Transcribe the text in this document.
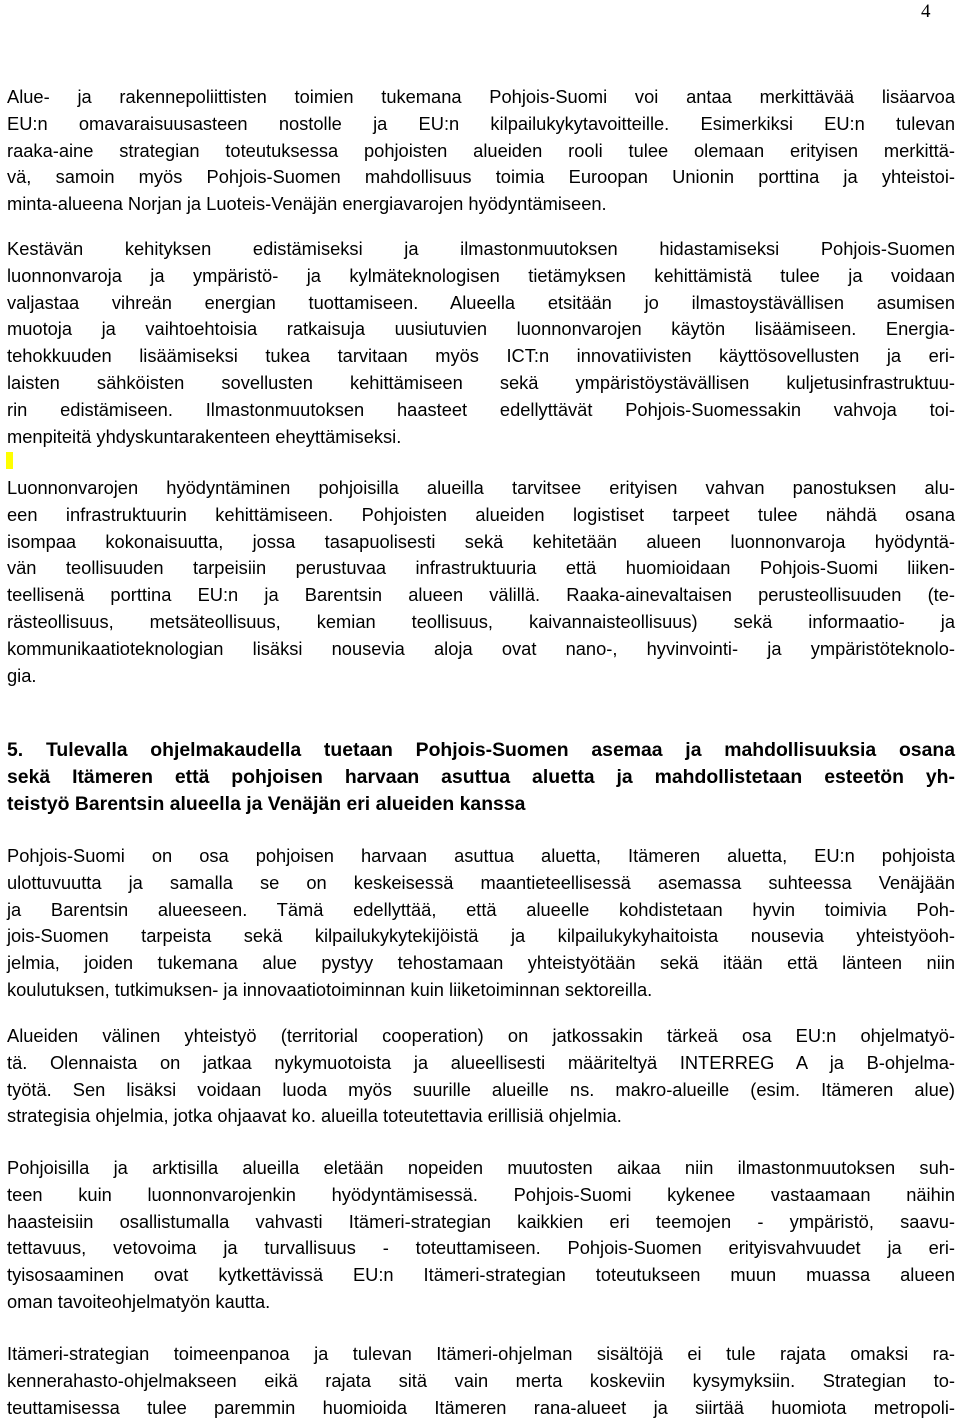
4
Alue- ja rakennepoliittisten toimien tukemana Pohjois-Suomi voi antaa merkittävää lisäarvoa
EU:n omavaraisuusasteen nostolle ja EU:n kilpailukykytavoitteille. Esimerkiksi EU:n tulevan
raaka-aine strategian toteutuksessa pohjoisten alueiden rooli tulee olemaan erityisen merkittä-
vä, samoin myös Pohjois-Suomen mahdollisuus toimia Euroopan Unionin porttina ja yhteistoi-
minta-alueena Norjan ja Luoteis-Venäjän energiavarojen hyödyntämiseen.
Kestävän kehityksen edistämiseksi ja ilmastonmuutoksen hidastamiseksi Pohjois-Suomen
luonnonvaroja ja ympäristö- ja kylmäteknologisen tietämyksen kehittämistä tulee ja voidaan
valjastaa vihreän energian tuottamiseen. Alueella etsitään jo ilmastoystävällisen asumisen
muotoja ja vaihtoehtoisia ratkaisuja uusiutuvien luonnonvarojen käytön lisäämiseen. Energia-
tehokkuuden lisäämiseksi tukea tarvitaan myös ICT:n innovatiivisten käyttösovellusten ja eri-
laisten sähköisten sovellusten kehittämiseen sekä ympäristöystävällisen kuljetusinfrastruktuu-
rin edistämiseen. Ilmastonmuutoksen haasteet edellyttävät Pohjois-Suomessakin vahvoja toi-
menpiteitä yhdyskuntarakenteen eheyttämiseksi.
Luonnonvarojen hyödyntäminen pohjoisilla alueilla tarvitsee erityisen vahvan panostuksen alu-
een infrastruktuurin kehittämiseen. Pohjoisten alueiden logistiset tarpeet tulee nähdä osana
isompaa kokonaisuutta, jossa tasapuolisesti sekä kehitetään alueen luonnonvaroja hyödyntä-
vän teollisuuden tarpeisiin perustuvaa infrastruktuuria että huomioidaan Pohjois-Suomi liiken-
teellisenä porttina EU:n ja Barentsin alueen välillä. Raaka-ainevaltaisen perusteollisuuden (te-
rästeollisuus, metsäteollisuus, kemian teollisuus, kaivannaisteollisuus) sekä informaatio- ja
kommunikaatioteknologian lisäksi nousevia aloja ovat nano-, hyvinvointi- ja ympäristöteknolo-
gia.
5. Tulevalla ohjelmakaudella tuetaan Pohjois-Suomen asemaa ja mahdollisuuksia osana
sekä Itämeren että pohjoisen harvaan asuttua aluetta ja mahdollistetaan esteetön yh-
teistyö Barentsin alueella ja Venäjän eri alueiden kanssa
Pohjois-Suomi on osa pohjoisen harvaan asuttua aluetta, Itämeren aluetta, EU:n pohjoista
ulottuvuutta ja samalla se on keskeisessä maantieteellisessä asemassa suhteessa Venäjään
ja Barentsin alueeseen. Tämä edellyttää, että alueelle kohdistetaan hyvin toimivia Poh-
jois-Suomen tarpeista sekä kilpailukykytekijöistä ja kilpailukykyhaitoista nousevia yhteistyöoh-
jelmia, joiden tukemana alue pystyy tehostamaan yhteistyötään sekä itään että länteen niin
koulutuksen, tutkimuksen- ja innovaatiotoiminnan kuin liiketoiminnan sektoreilla.
Alueiden välinen yhteistyö (territorial cooperation) on jatkossakin tärkeä osa EU:n ohjelmatyö-
tä. Olennaista on jatkaa nykymuotoista ja alueellisesti määriteltyä INTERREG A ja B-ohjelma-
työtä. Sen lisäksi voidaan luoda myös suurille alueille ns. makro-alueille (esim. Itämeren alue)
strategisia ohjelmia, jotka ohjaavat ko. alueilla toteutettavia erillisiä ohjelmia.
Pohjoisilla ja arktisilla alueilla eletään nopeiden muutosten aikaa niin ilmastonmuutoksen suh-
teen kuin luonnonvarojenkin hyödyntämisessä. Pohjois-Suomi kykenee vastaamaan näihin
haasteisiin osallistumalla vahvasti Itämeri-strategian kaikkien eri teemojen - ympäristö, saavu-
tettavuus, vetovoima ja turvallisuus - toteuttamiseen. Pohjois-Suomen erityisvahvuudet ja eri-
tyisosaaminen ovat kytkettävissä EU:n Itämeri-strategian toteutukseen muun muassa alueen
oman tavoiteohjelmatyön kautta.
Itämeri-strategian toimeenpanoa ja tulevan Itämeri-ohjelman sisältöjä ei tule rajata omaksi ra-
kennerahasto-ohjelmakseen eikä rajata sitä vain merta koskeviin kysymyksiin. Strategian to-
teuttamisessa tulee paremmin huomioida Itämeren rana-alueet ja siirtää huomiota metropoli-
